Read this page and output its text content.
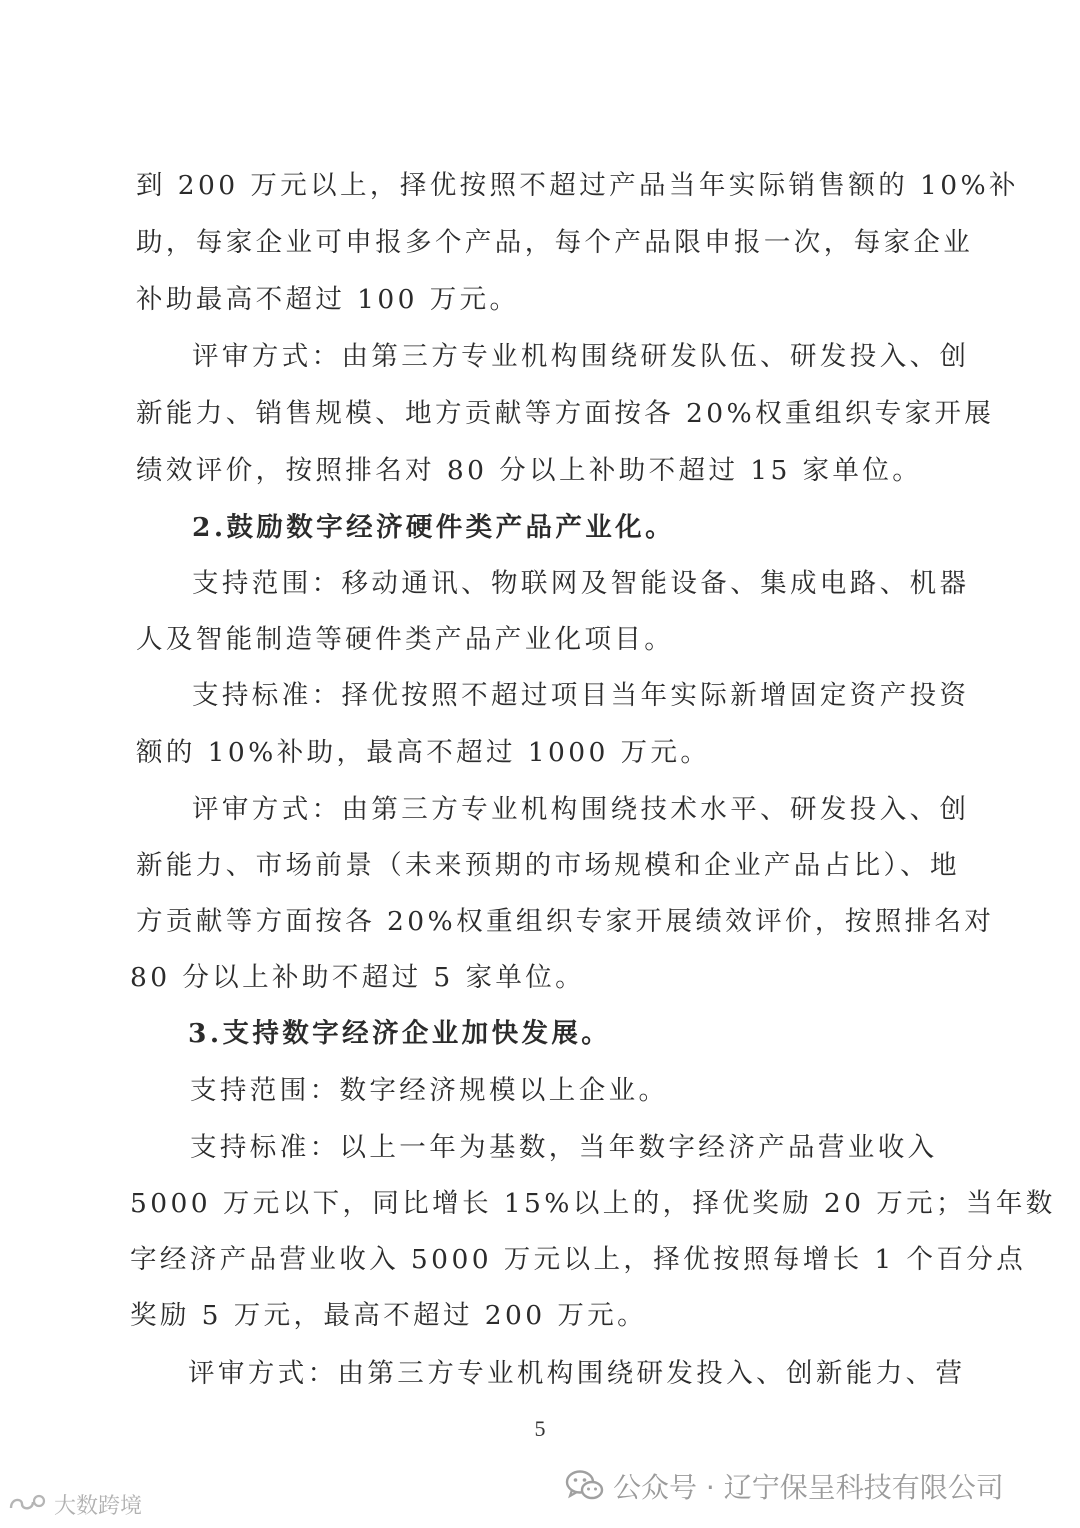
到 200 万元以上，择优按照不超过产品当年实际销售额的 10%补
助，每家企业可申报多个产品，每个产品限申报一次，每家企业
补助最高不超过 100 万元。
评审方式：由第三方专业机构围绕研发队伍、研发投入、创
新能力、销售规模、地方贡献等方面按各 20%权重组织专家开展
绩效评价，按照排名对 80 分以上补助不超过 15 家单位。
2.鼓励数字经济硬件类产品产业化。
支持范围：移动通讯、物联网及智能设备、集成电路、机器
人及智能制造等硬件类产品产业化项目。
支持标准：择优按照不超过项目当年实际新增固定资产投资
额的 10%补助，最高不超过 1000 万元。
评审方式：由第三方专业机构围绕技术水平、研发投入、创
新能力、市场前景（未来预期的市场规模和企业产品占比）、地
方贡献等方面按各 20%权重组织专家开展绩效评价，按照排名对
80 分以上补助不超过 5 家单位。
3.支持数字经济企业加快发展。
支持范围：数字经济规模以上企业。
支持标准：以上一年为基数，当年数字经济产品营业收入
5000 万元以下，同比增长 15%以上的，择优奖励 20 万元；当年数
字经济产品营业收入 5000 万元以上，择优按照每增长 1 个百分点
奖励 5 万元，最高不超过 200 万元。
评审方式：由第三方专业机构围绕研发投入、创新能力、营
5
公众号 · 辽宁保呈科技有限公司
大数跨境
